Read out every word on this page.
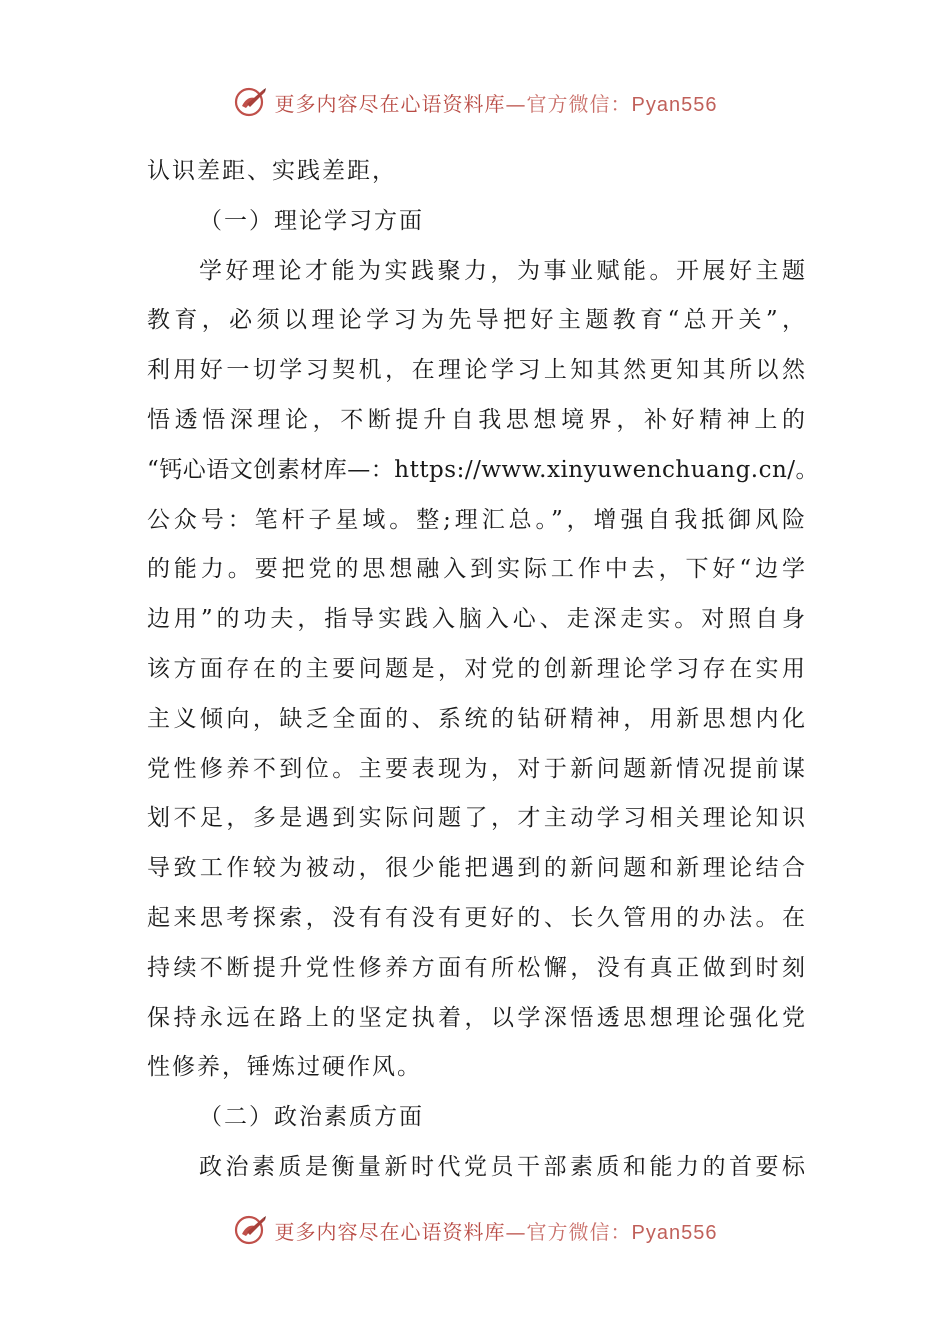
更多内容尽在心语资料库—官方微信：Pyan556
认识差距、实践差距，
（一）理论学习方面
学好理论才能为实践聚力，为事业赋能。开展好主题
教育，必须以理论学习为先导把好主题教育“总开关”，
利用好一切学习契机，在理论学习上知其然更知其所以然
悟透悟深理论，不断提升自我思想境界，补好精神上的
“钙心语文创素材库—：https://www.xinyuwenchuang.cn/。
公众号：笔杆子星域。整;理汇总。”，增强自我抵御风险
的能力。要把党的思想融入到实际工作中去，下好“边学
边用”的功夫，指导实践入脑入心、走深走实。对照自身
该方面存在的主要问题是，对党的创新理论学习存在实用
主义倾向，缺乏全面的、系统的钻研精神，用新思想内化
党性修养不到位。主要表现为，对于新问题新情况提前谋
划不足，多是遇到实际问题了，才主动学习相关理论知识
导致工作较为被动，很少能把遇到的新问题和新理论结合
起来思考探索，没有有没有更好的、长久管用的办法。在
持续不断提升党性修养方面有所松懈，没有真正做到时刻
保持永远在路上的坚定执着，以学深悟透思想理论强化党
性修养，锤炼过硬作风。
（二）政治素质方面
政治素质是衡量新时代党员干部素质和能力的首要标
更多内容尽在心语资料库—官方微信：Pyan556
